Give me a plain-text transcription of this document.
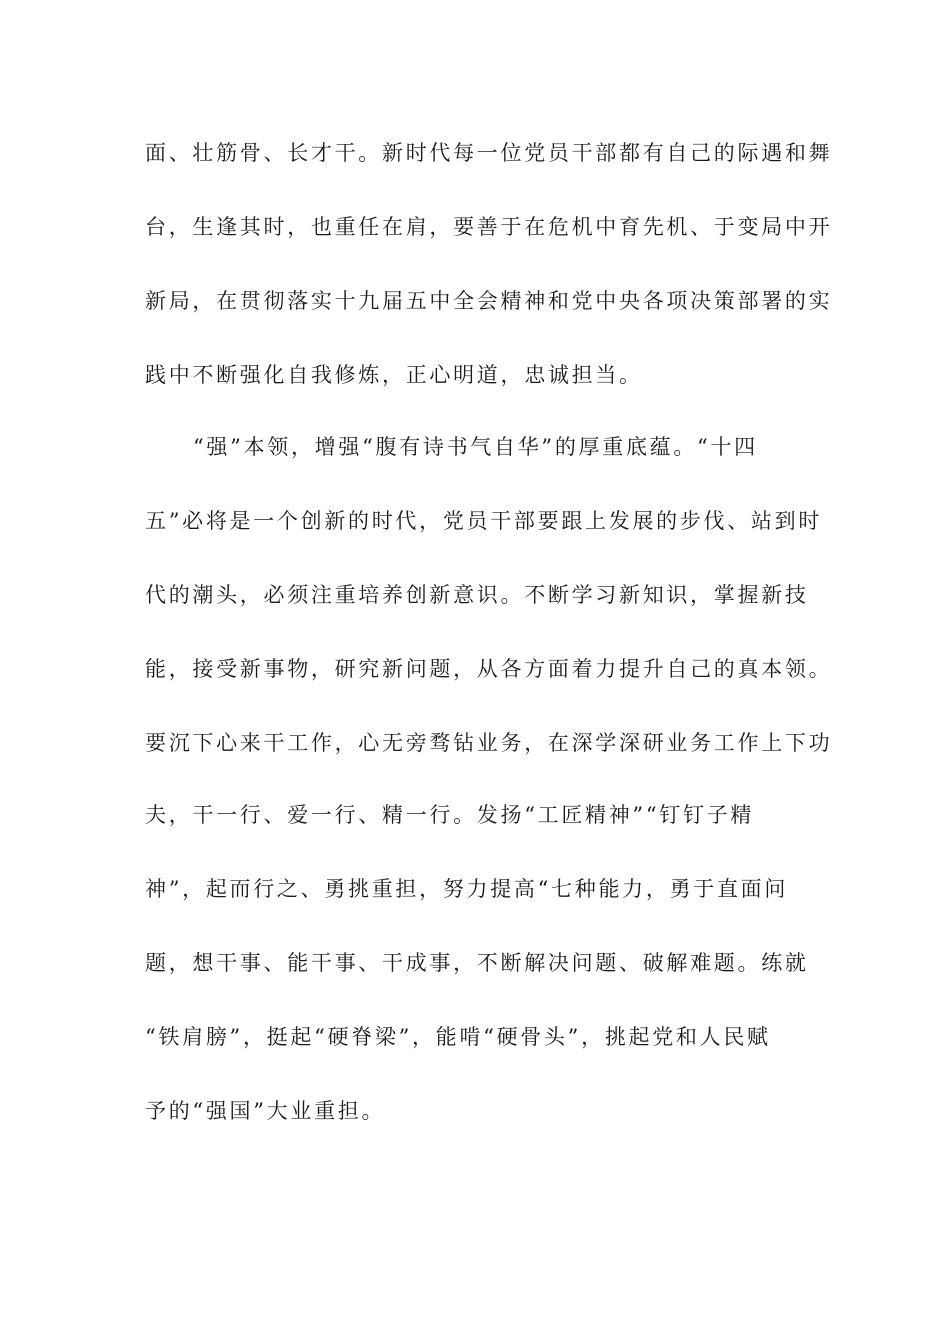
面、壮筋骨、长才干。新时代每一位党员干部都有自己的际遇和舞
台，生逢其时，也重任在肩，要善于在危机中育先机、于变局中开
新局，在贯彻落实十九届五中全会精神和党中央各项决策部署的实
践中不断强化自我修炼，正心明道，忠诚担当。
“强”本领，增强“腹有诗书气自华”的厚重底蕴。“十四
五”必将是一个创新的时代，党员干部要跟上发展的步伐、站到时
代的潮头，必须注重培养创新意识。不断学习新知识，掌握新技
能，接受新事物，研究新问题，从各方面着力提升自己的真本领。
要沉下心来干工作，心无旁骛钻业务，在深学深研业务工作上下功
夫，干一行、爱一行、精一行。发扬“工匠精神”“钉钉子精
神”，起而行之、勇挑重担，努力提高“七种能力，勇于直面问
题，想干事、能干事、干成事，不断解决问题、破解难题。练就
“铁肩膀”，挺起“硬脊梁”，能啃“硬骨头”，挑起党和人民赋
予的“强国”大业重担。
